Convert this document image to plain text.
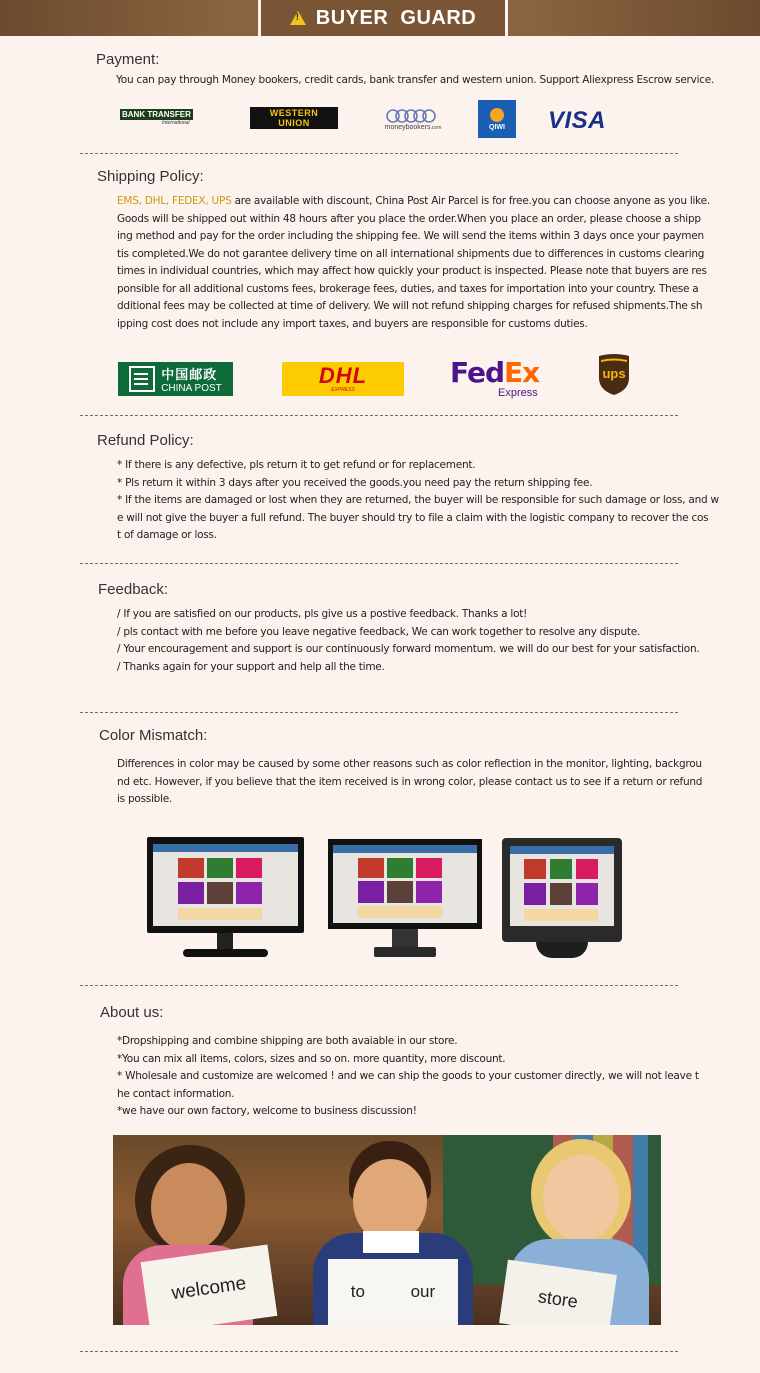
!
BUYER  GUARD
Payment:
You can pay through Money bookers, credit cards, bank transfer and western union. Support Aliexpress Escrow service.
BANK TRANSFER
International
WESTERN
UNION	moneybookers.com	QIWI VISA
Shipping Policy:

EMS, DHL, FEDEX, UPS are available with discount, China Post Air Parcel is for free.you can choose anyone as you like.

Goods will be shipped out within 48 hours after you place the order.When you place an order, please choose a shipp

ing method and pay for the order including the shipping fee. We will send the items within 3 days once your paymen

tis completed.We do not garantee delivery time on all international shipments due to differences in customs clearing

times in individual countries, which may affect how quickly your product is inspected. Please note that buyers are res

ponsible for all additional customs fees, brokerage fees, duties, and taxes for importation into your country. These a

dditional fees may be collected at time of delivery. We will not refund shipping charges for refused shipments.The sh

ipping cost does not include any import taxes, and buyers are responsible for customs duties.

中国邮政
CHINA POST
DHL
EXPRESS
FedEx
Express
ups
Refund Policy:

* If there is any defective, pls return it to get refund or for replacement.

* Pls return it within 3 days after you received the goods.you need pay the return shipping fee.

* If the items are damaged or lost when they are returned, the buyer will be responsible for such damage or loss, and w

e will not give the buyer a full refund. The buyer should try to file a claim with the logistic company to recover the cos

t of damage or loss.

Feedback:

/ If you are satisfied on our products, pls give us a postive feedback. Thanks a lot!

/ pls contact with me before you leave negative feedback, We can work together to resolve any dispute.

/ Your encouragement and support is our continuously forward momentum. we will do our best for your satisfaction.

/ Thanks again for your support and help all the time.

Color Mismatch:

Differences in color may be caused by some other reasons such as color reflection in the monitor, lighting, backgrou

nd etc. However, if you believe that the item received is in wrong color, please contact us to see if a return or refund

is possible.

About us:

*Dropshipping and combine shipping are both avaiable in our store.

*You can mix all items, colors, sizes and so on. more quantity, more discount.

* Wholesale and customize are welcomed ! and we can ship the goods to your customer directly, we will not leave t

he contact information.

*we have our own factory, welcome to business discussion!

welcome	to	our	store
